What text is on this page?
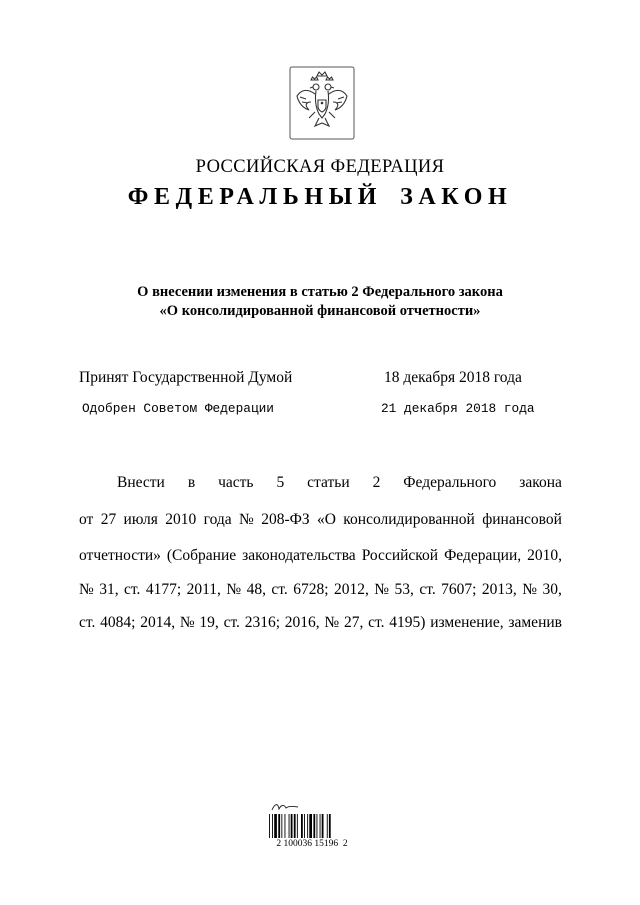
РОССИЙСКАЯ ФЕДЕРАЦИЯ
ФЕДЕРАЛЬНЫЙ ЗАКОН
О внесении изменения в статью 2 Федерального закона
«О консолидированной финансовой отчетности»
Принят Государственной Думой	18 декабря 2018 года
Одобрен Советом Федерации	21 декабря 2018 года
Внести в часть 5 статьи 2 Федерального закона
от 27 июля 2010 года № 208-ФЗ «О консолидированной финансовой
отчетности» (Собрание законодательства Российской Федерации, 2010,
№ 31, ст. 4177; 2011, № 48, ст. 6728; 2012, № 53, ст. 7607; 2013, № 30,
ст. 4084; 2014, № 19, ст. 2316; 2016, № 27, ст. 4195) изменение, заменив
2 100036 15196  2
